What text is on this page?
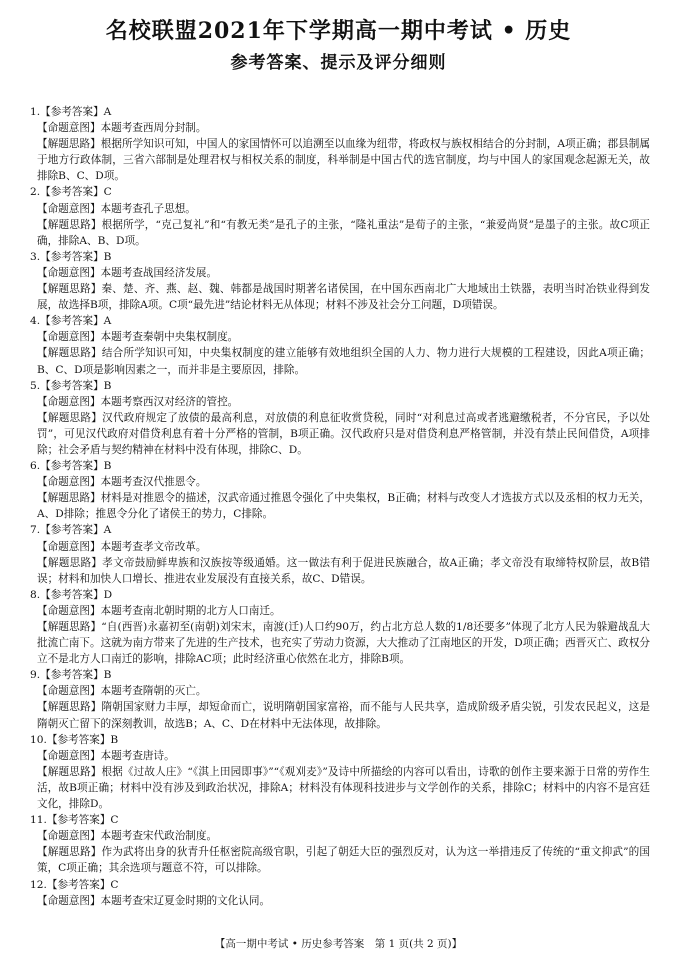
名校联盟2021年下学期高一期中考试 • 历史
参考答案、提示及评分细则
1.【参考答案】A
【命题意图】本题考查西周分封制。
【解题思路】根据所学知识可知，中国人的家国情怀可以追溯至以血缘为纽带，将政权与族权相结合的分封制，A项正确；郡县制属于地方行政体制，三省六部制是处理君权与相权关系的制度，科举制是中国古代的选官制度，均与中国人的家国观念起源无关，故排除B、C、D项。
2.【参考答案】C
【命题意图】本题考查孔子思想。
【解题思路】根据所学，“克己复礼”和“有教无类”是孔子的主张，“隆礼重法”是荀子的主张，“兼爱尚贤”是墨子的主张。故C项正确，排除A、B、D项。
3.【参考答案】B
【命题意图】本题考查战国经济发展。
【解题思路】秦、楚、齐、燕、赵、魏、韩都是战国时期著名诸侯国，在中国东西南北广大地域出土铁器，表明当时冶铁业得到发展，故选择B项，排除A项。C项“最先进”结论材料无从体现；材料不涉及社会分工问题，D项错误。
4.【参考答案】A
【命题意图】本题考查秦朝中央集权制度。
【解题思路】结合所学知识可知，中央集权制度的建立能够有效地组织全国的人力、物力进行大规模的工程建设，因此A项正确；B、C、D项是影响因素之一，而并非是主要原因，排除。
5.【参考答案】B
【命题意图】本题考察西汉对经济的管控。
【解题思路】汉代政府规定了放债的最高利息，对放债的利息征收赏贷税，同时“对利息过高或者逃避缴税者，不分官民，予以处罚”，可见汉代政府对借贷利息有着十分严格的管制，B项正确。汉代政府只是对借贷利息严格管制，并没有禁止民间借贷，A项排除；社会矛盾与契约精神在材料中没有体现，排除C、D。
6.【参考答案】B
【命题意图】本题考查汉代推恩令。
【解题思路】材料是对推恩令的描述，汉武帝通过推恩令强化了中央集权，B正确；材料与改变人才选拔方式以及丞相的权力无关，A、D排除；推恩令分化了诸侯王的势力，C排除。
7.【参考答案】A
【命题意图】本题考查孝文帝改革。
【解题思路】孝文帝鼓励鲜卑族和汉族按等级通婚。这一做法有利于促进民族融合，故A正确；孝文帝没有取缔特权阶层，故B错误；材料和加快人口增长、推进农业发展没有直接关系，故C、D错误。
8.【参考答案】D
【命题意图】本题考查南北朝时期的北方人口南迁。
【解题思路】“自(西晋)永嘉初至(南朝)刘宋末，南渡(迁)人口约90万，约占北方总人数的1/8还要多”体现了北方人民为躲避战乱大批流亡南下。这就为南方带来了先进的生产技术，也充实了劳动力资源，大大推动了江南地区的开发，D项正确；西晋灭亡、政权分立不是北方人口南迁的影响，排除AC项；此时经济重心依然在北方，排除B项。
9.【参考答案】B
【命题意图】本题考查隋朝的灭亡。
【解题思路】隋朝国家财力丰厚，却短命而亡，说明隋朝国家富裕，而不能与人民共享，造成阶级矛盾尖锐，引发农民起义，这是隋朝灭亡留下的深刻教训，故选B；A、C、D在材料中无法体现，故排除。
10.【参考答案】B
【命题意图】本题考查唐诗。
【解题思路】根据《过故人庄》“《淇上田园即事》”“《观刈麦》”及诗中所描绘的内容可以看出，诗歌的创作主要来源于日常的劳作生活，故B项正确；材料中没有涉及到政治状况，排除A；材料没有体现科技进步与文学创作的关系，排除C；材料中的内容不是宫廷文化，排除D。
11.【参考答案】C
【命题意图】本题考查宋代政治制度。
【解题思路】作为武将出身的狄青升任枢密院高级官职，引起了朝廷大臣的强烈反对，认为这一举措违反了传统的“重文抑武”的国策，C项正确；其余选项与题意不符，可以排除。
12.【参考答案】C
【命题意图】本题考查宋辽夏金时期的文化认同。
【高一期中考试 • 历史参考答案　第 1 页(共 2 页)】
